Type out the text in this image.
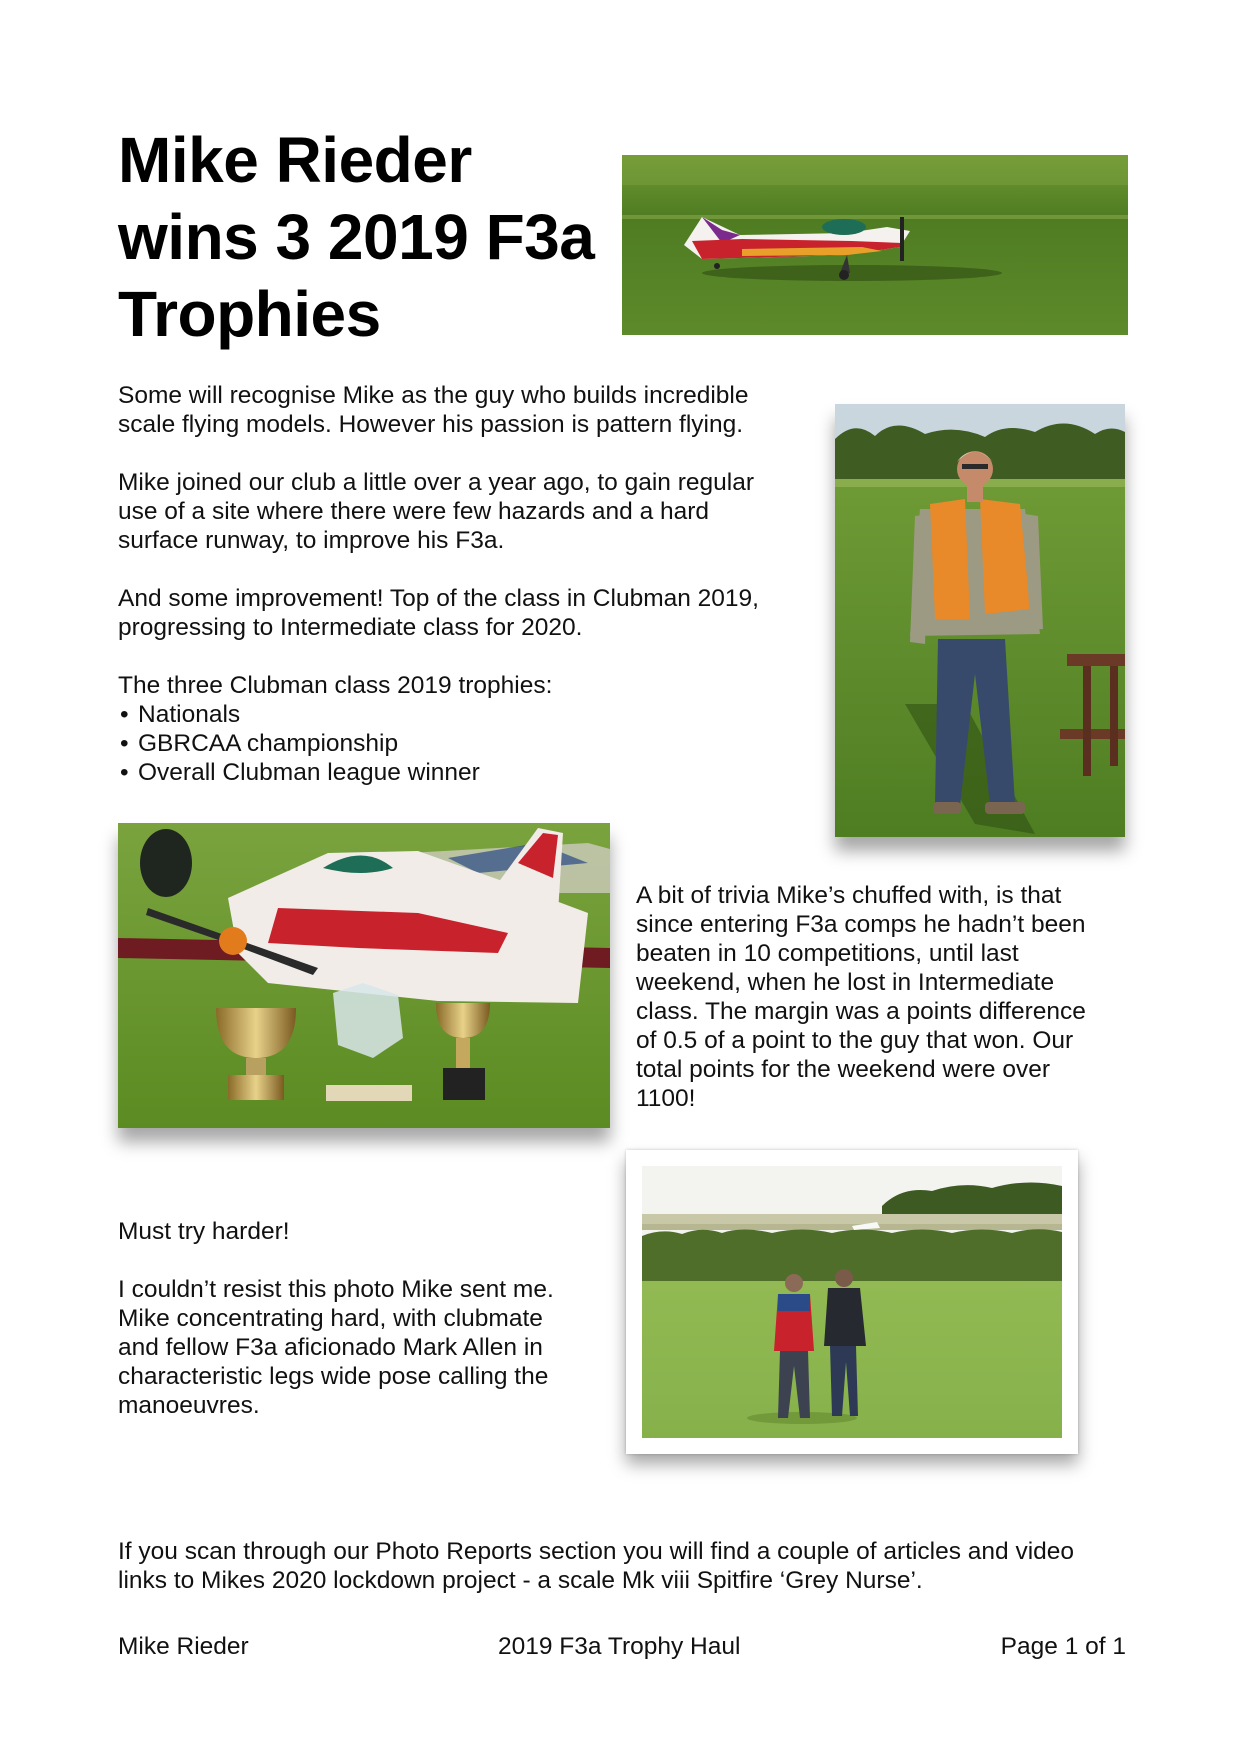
Mike Rieder
wins 3 2019 F3a
Trophies

Some will recognise Mike as the guy who builds incredible
scale flying models. However his passion is pattern flying.

Mike joined our club a little over a year ago, to gain regular
use of a site where there were few hazards and a hard
surface runway, to improve his F3a.

And some improvement! Top of the class in Clubman 2019,
progressing to Intermediate class for 2020.

The three Clubman class 2019 trophies:

• Nationals
• GBRCAA championship
• Overall Clubman league winner

A bit of trivia Mike’s chuffed with, is that
since entering F3a comps he hadn’t been
beaten in 10 competitions, until last
weekend, when he lost in Intermediate
class. The margin was a points difference
of 0.5 of a point to the guy that won. Our
total points for the weekend were over
1100!

Must try harder!

I couldn’t resist this photo Mike sent me.
Mike concentrating hard, with clubmate
and fellow F3a aficionado Mark Allen in
characteristic legs wide pose calling the
manoeuvres.

If you scan through our Photo Reports section you will find a couple of articles and video
links to Mikes 2020 lockdown project - a scale Mk viii Spitfire ‘Grey Nurse’.

Mike Rieder	2019 F3a Trophy Haul	Page 1 of 1
